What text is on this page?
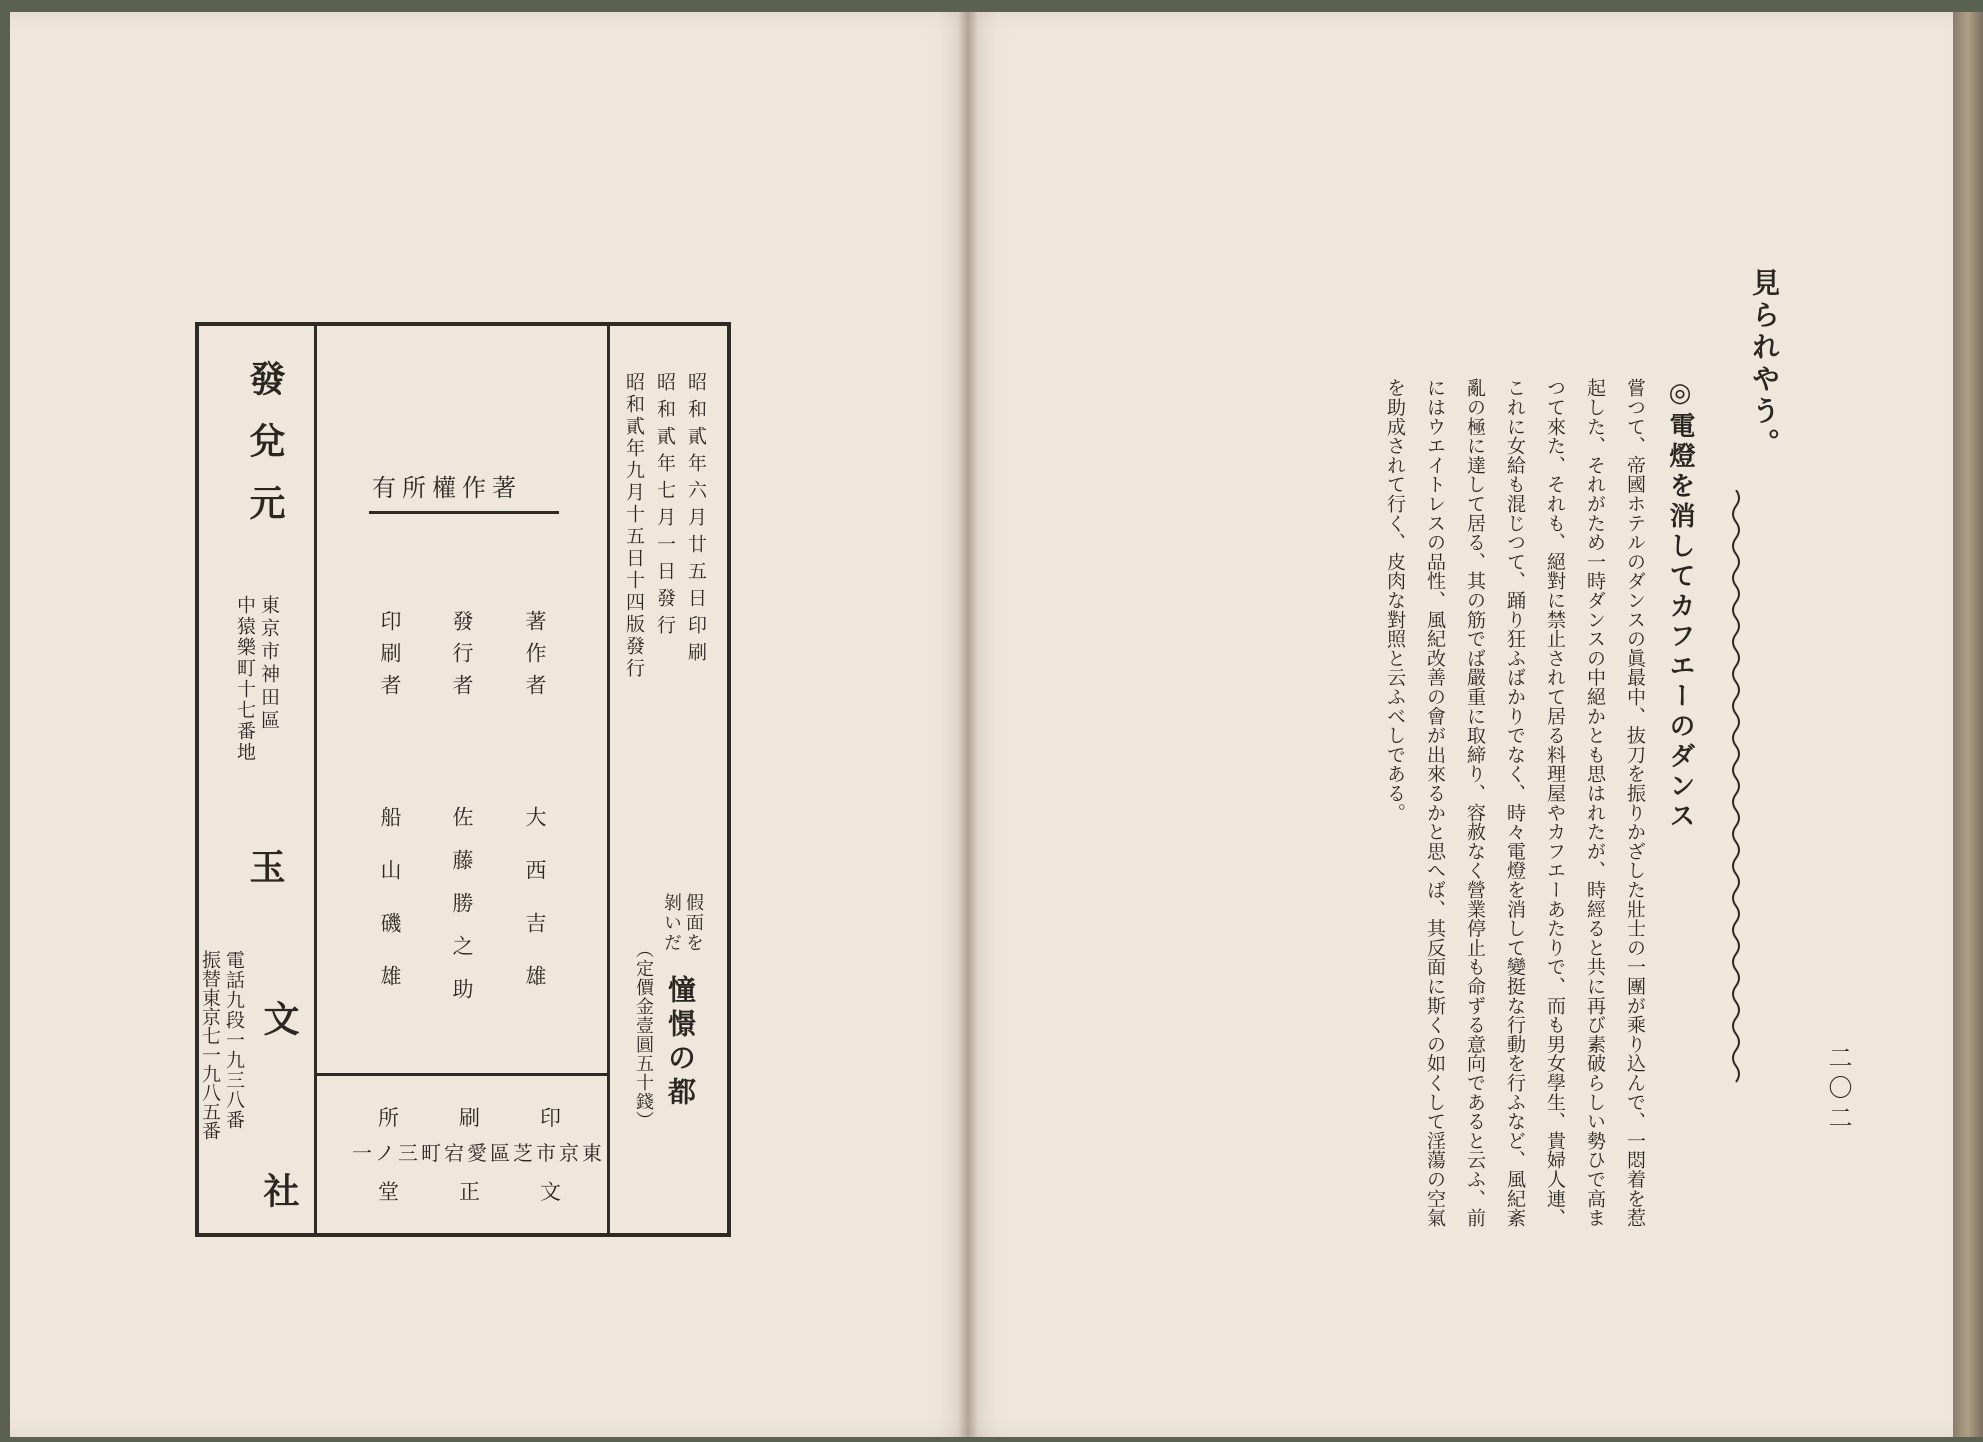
發兌元
東京市神田區
中猿樂町十七番地
玉
文
社
電話九段一九三八番
振替東京七一九八五番
著作權所有
著作者
大西吉雄
發行者
佐藤勝之助
印刷者
船山磯雄
印刷所
東京市芝區愛宕町三ノ一
文正堂
昭和貳年六月廿五日印刷
昭和貳年七月一日發行
昭和貳年九月十五日十四版發行
假面を
剝いだ
憧憬の都
（定價金壹圓五十錢）
見られやう。
◎電燈を消してカフエーのダンス
嘗つて、帝國ホテルのダンスの眞最中、抜刀を振りかざした壯士の一團が乘り込んで、一悶着を惹
起した、それがため一時ダンスの中絕かとも思はれたが、時經ると共に再び素破らしい勢ひで高ま
つて來た、それも、絕對に禁止されて居る料理屋やカフエーあたりで、而も男女學生、貴婦人連、
これに女給も混じつて、踊り狂ふばかりでなく、時々電燈を消して變挺な行動を行ふなど、風紀紊
亂の極に達して居る、其の筋でば嚴重に取締り、容赦なく營業停止も命ずる意向であると云ふ、前
にはウエイトレスの品性、風紀改善の會が出來るかと思へば、其反面に斯くの如くして淫蕩の空氣
を助成されて行く、皮肉な對照と云ふべしである。
二〇二
